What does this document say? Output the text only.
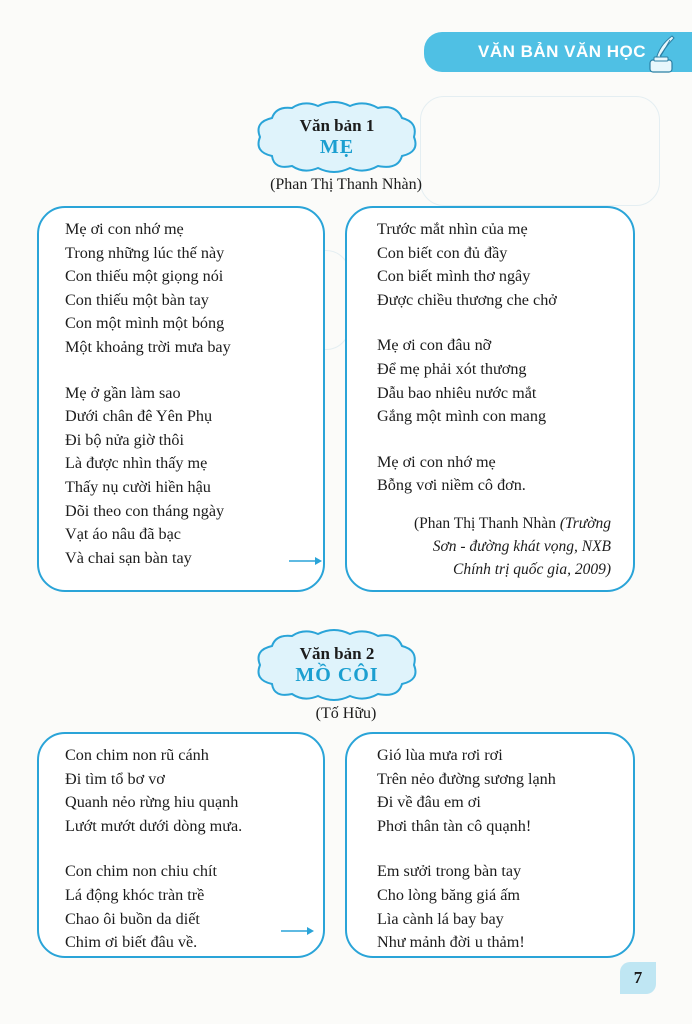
VĂN BẢN VĂN HỌC
Văn bản 1
MẸ
(Phan Thị Thanh Nhàn)
Mẹ ơi con nhớ mẹ
Trong những lúc thế này
Con thiếu một giọng nói
Con thiếu một bàn tay
Con một mình một bóng
Một khoảng trời mưa bay
Mẹ ở gần làm sao
Dưới chân đê Yên Phụ
Đi bộ nửa giờ thôi
Là được nhìn thấy mẹ
Thấy nụ cười hiền hậu
Dõi theo con tháng ngày
Vạt áo nâu đã bạc
Và chai sạn bàn tay
Trước mắt nhìn của mẹ
Con biết con đủ đầy
Con biết mình thơ ngây
Được chiều thương che chở
Mẹ ơi con đâu nỡ
Để mẹ phải xót thương
Dẫu bao nhiêu nước mắt
Gắng một mình con mang
Mẹ ơi con nhớ mẹ
Bỗng vơi niềm cô đơn.
(Phan Thị Thanh Nhàn (Trường
Sơn - đường khát vọng, NXB
Chính trị quốc gia, 2009)
Văn bản 2
MỒ CÔI
(Tố Hữu)
Con chim non rũ cánh
Đi tìm tổ bơ vơ
Quanh nẻo rừng hiu quạnh
Lướt mướt dưới dòng mưa.
Con chim non chiu chít
Lá động khóc tràn trề
Chao ôi buồn da diết
Chim ơi biết đâu về.
Gió lùa mưa rơi rơi
Trên nẻo đường sương lạnh
Đi về đâu em ơi
Phơi thân tàn cô quạnh!
Em sưởi trong bàn tay
Cho lòng băng giá ấm
Lìa cành lá bay bay
Như mảnh đời u thảm!
7
